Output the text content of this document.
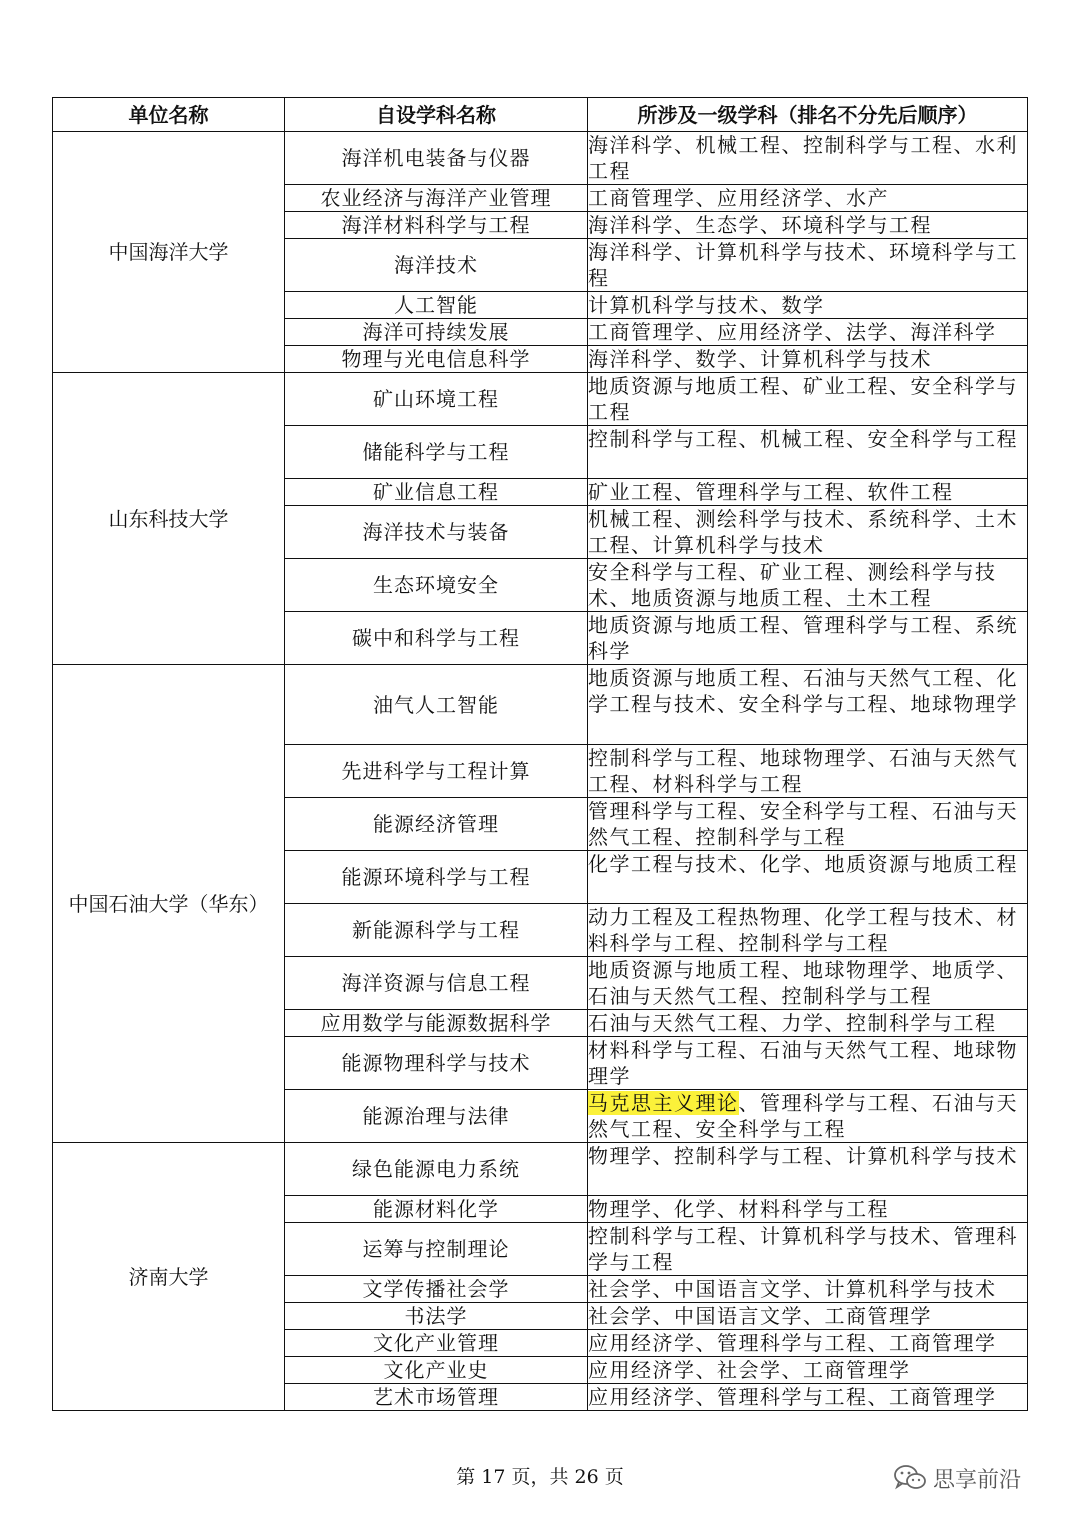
单位名称	自设学科名称	所涉及一级学科（排名不分先后顺序）
中国海洋大学	海洋机电装备与仪器	海洋科学、机械工程、控制科学与工程、水利工程
	农业经济与海洋产业管理	工商管理学、应用经济学、水产
	海洋材料科学与工程	海洋科学、生态学、环境科学与工程
	海洋技术	海洋科学、计算机科学与技术、环境科学与工程
	人工智能	计算机科学与技术、数学
	海洋可持续发展	工商管理学、应用经济学、法学、海洋科学
	物理与光电信息科学	海洋科学、数学、计算机科学与技术
山东科技大学	矿山环境工程	地质资源与地质工程、矿业工程、安全科学与工程
	储能科学与工程	控制科学与工程、机械工程、安全科学与工程
	矿业信息工程	矿业工程、管理科学与工程、软件工程
	海洋技术与装备	机械工程、测绘科学与技术、系统科学、土木工程、计算机科学与技术
	生态环境安全	安全科学与工程、矿业工程、测绘科学与技术、地质资源与地质工程、土木工程
	碳中和科学与工程	地质资源与地质工程、管理科学与工程、系统科学
中国石油大学（华东）	油气人工智能	地质资源与地质工程、石油与天然气工程、化学工程与技术、安全科学与工程、地球物理学
	先进科学与工程计算	控制科学与工程、地球物理学、石油与天然气工程、材料科学与工程
	能源经济管理	管理科学与工程、安全科学与工程、石油与天然气工程、控制科学与工程
	能源环境科学与工程	化学工程与技术、化学、地质资源与地质工程
	新能源科学与工程	动力工程及工程热物理、化学工程与技术、材料科学与工程、控制科学与工程
	海洋资源与信息工程	地质资源与地质工程、地球物理学、地质学、石油与天然气工程、控制科学与工程
	应用数学与能源数据科学	石油与天然气工程、力学、控制科学与工程
	能源物理科学与技术	材料科学与工程、石油与天然气工程、地球物理学
	能源治理与法律	马克思主义理论、管理科学与工程、石油与天然气工程、安全科学与工程
济南大学	绿色能源电力系统	物理学、控制科学与工程、计算机科学与技术
	能源材料化学	物理学、化学、材料科学与工程
	运筹与控制理论	控制科学与工程、计算机科学与技术、管理科学与工程
	文学传播社会学	社会学、中国语言文学、计算机科学与技术
	书法学	社会学、中国语言文学、工商管理学
	文化产业管理	应用经济学、管理科学与工程、工商管理学
	文化产业史	应用经济学、社会学、工商管理学
	艺术市场管理	应用经济学、管理科学与工程、工商管理学
第 17 页，共 26 页	思享前沿
